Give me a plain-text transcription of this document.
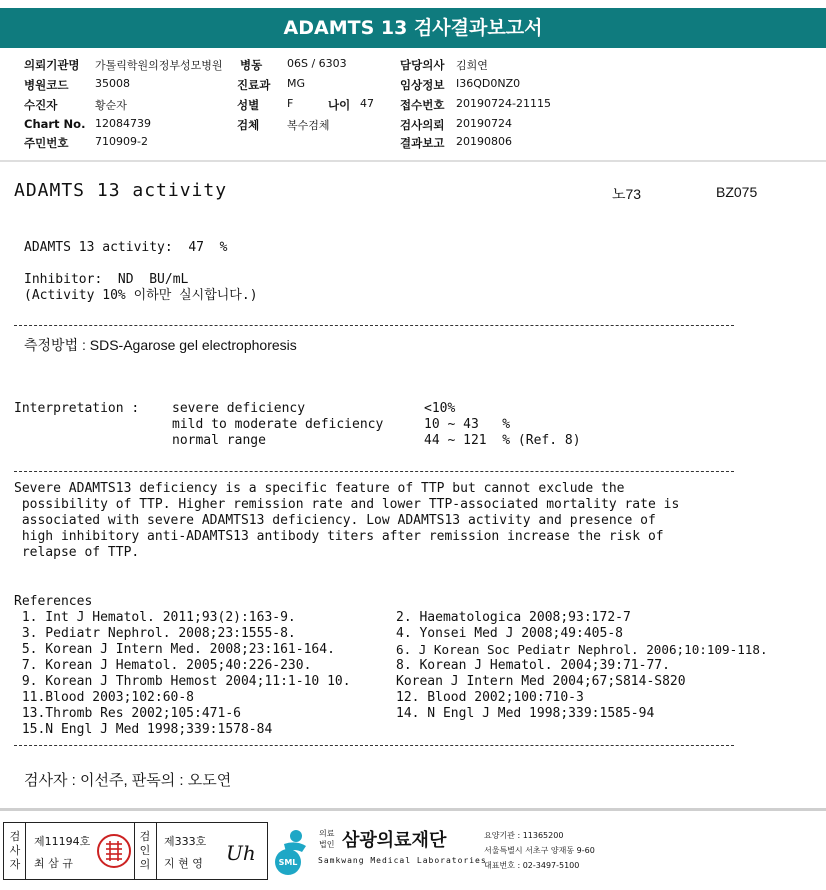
ADAMTS 13 검사결과보고서
의뢰기관명 가톨릭학원의정부성모병원 병동 06S / 6303	담당의사 김희연
병원코드 35008	진료과 MG	임상정보 I36QD0NZ0
수진자	황순자	성별	F	나이 47 접수번호 20190724-21115
Chart No. 12084739	검체	복수검체	검사의뢰 20190724
주민번호 710909-2	결과보고 20190806
ADAMTS 13 activity	노73	BZ075
ADAMTS 13 activity:  47  %
Inhibitor:  ND  BU/mL
(Activity 10% 이하만 실시합니다.)
측정방법 : SDS-Agarose gel electrophoresis
Interpretation :	severe deficiency	<10%
mild to moderate deficiency	10 ~ 43   %
normal range	44 ~ 121  % (Ref. 8)
Severe ADAMTS13 deficiency is a specific feature of TTP but cannot exclude the
possibility of TTP. Higher remission rate and lower TTP-associated mortality rate is
associated with severe ADAMTS13 deficiency. Low ADAMTS13 activity and presence of
high inhibitory anti-ADAMTS13 antibody titers after remission increase the risk of
relapse of TTP.
References
1. Int J Hematol. 2011;93(2):163-9.	2. Haematologica 2008;93:172-7
3. Pediatr Nephrol. 2008;23:1555-8.	4. Yonsei Med J 2008;49:405-8
5. Korean J Intern Med. 2008;23:161-164.	6. J Korean Soc Pediatr Nephrol. 2006;10:109-118.
7. Korean J Hematol. 2005;40:226-230.	8. Korean J Hematol. 2004;39:71-77.
9. Korean J Thromb Hemost 2004;11:1-10 10.	Korean J Intern Med 2004;67;S814-S820
11.Blood 2003;102:60-8	12. Blood 2002;100:710-3
13.Thromb Res 2002;105:471-6	14. N Engl J Med 1998;339:1585-94
15.N Engl J Med 1998;339:1578-84
검사자 : 이선주, 판독의 : 오도연
검사자
제11194호
최 삼 규
검인의
제333호
지 현 영 Uh	SML
의료
법인 삼광의료재단
Samkwang Medical Laboratories
요양기관 : 11365200
서울특별시 서초구 양재동 9-60
대표번호 : 02-3497-5100
